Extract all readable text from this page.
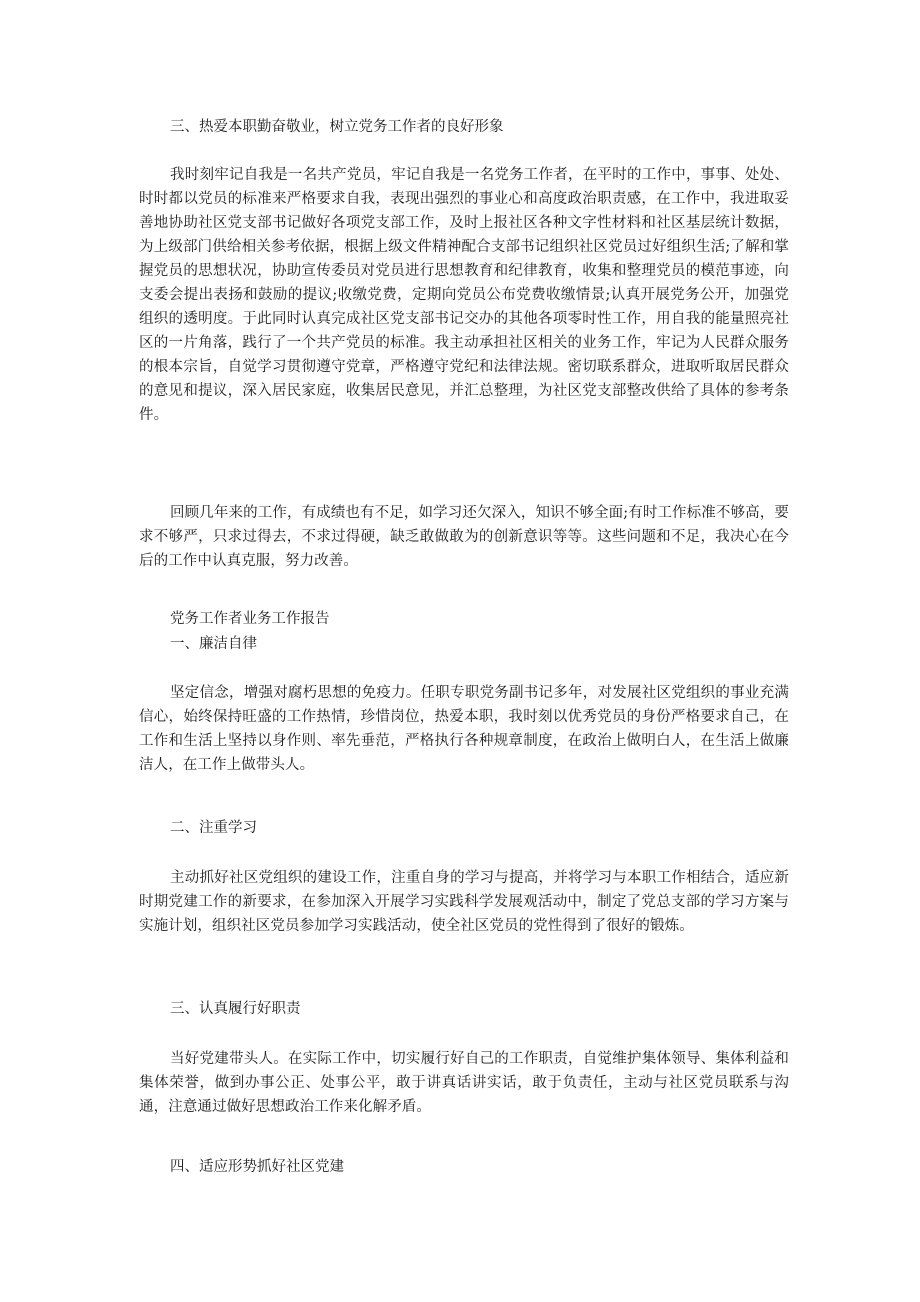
三、热爱本职勤奋敬业，树立党务工作者的良好形象
我时刻牢记自我是一名共产党员，牢记自我是一名党务工作者，在平时的工作中，事事、处处、时时都以党员的标准来严格要求自我，表现出强烈的事业心和高度政治职责感，在工作中，我进取妥善地协助社区党支部书记做好各项党支部工作，及时上报社区各种文字性材料和社区基层统计数据，为上级部门供给相关参考依据，根据上级文件精神配合支部书记组织社区党员过好组织生活;了解和掌握党员的思想状况，协助宣传委员对党员进行思想教育和纪律教育，收集和整理党员的模范事迹，向支委会提出表扬和鼓励的提议;收缴党费，定期向党员公布党费收缴情景;认真开展党务公开，加强党组织的透明度。于此同时认真完成社区党支部书记交办的其他各项零时性工作，用自我的能量照亮社区的一片角落，践行了一个共产党员的标准。我主动承担社区相关的业务工作，牢记为人民群众服务的根本宗旨，自觉学习贯彻遵守党章，严格遵守党纪和法律法规。密切联系群众，进取听取居民群众的意见和提议，深入居民家庭，收集居民意见，并汇总整理，为社区党支部整改供给了具体的参考条件。
回顾几年来的工作，有成绩也有不足，如学习还欠深入，知识不够全面;有时工作标准不够高，要求不够严，只求过得去，不求过得硬，缺乏敢做敢为的创新意识等等。这些问题和不足，我决心在今后的工作中认真克服，努力改善。
党务工作者业务工作报告
一、廉洁自律
坚定信念，增强对腐朽思想的免疫力。任职专职党务副书记多年，对发展社区党组织的事业充满信心，始终保持旺盛的工作热情，珍惜岗位，热爱本职，我时刻以优秀党员的身份严格要求自己，在工作和生活上坚持以身作则、率先垂范，严格执行各种规章制度，在政治上做明白人，在生活上做廉洁人，在工作上做带头人。
二、注重学习
主动抓好社区党组织的建设工作，注重自身的学习与提高，并将学习与本职工作相结合，适应新时期党建工作的新要求，在参加深入开展学习实践科学发展观活动中，制定了党总支部的学习方案与实施计划，组织社区党员参加学习实践活动，使全社区党员的党性得到了很好的锻炼。
三、认真履行好职责
当好党建带头人。在实际工作中，切实履行好自己的工作职责，自觉维护集体领导、集体利益和集体荣誉，做到办事公正、处事公平，敢于讲真话讲实话，敢于负责任，主动与社区党员联系与沟通，注意通过做好思想政治工作来化解矛盾。
四、适应形势抓好社区党建
